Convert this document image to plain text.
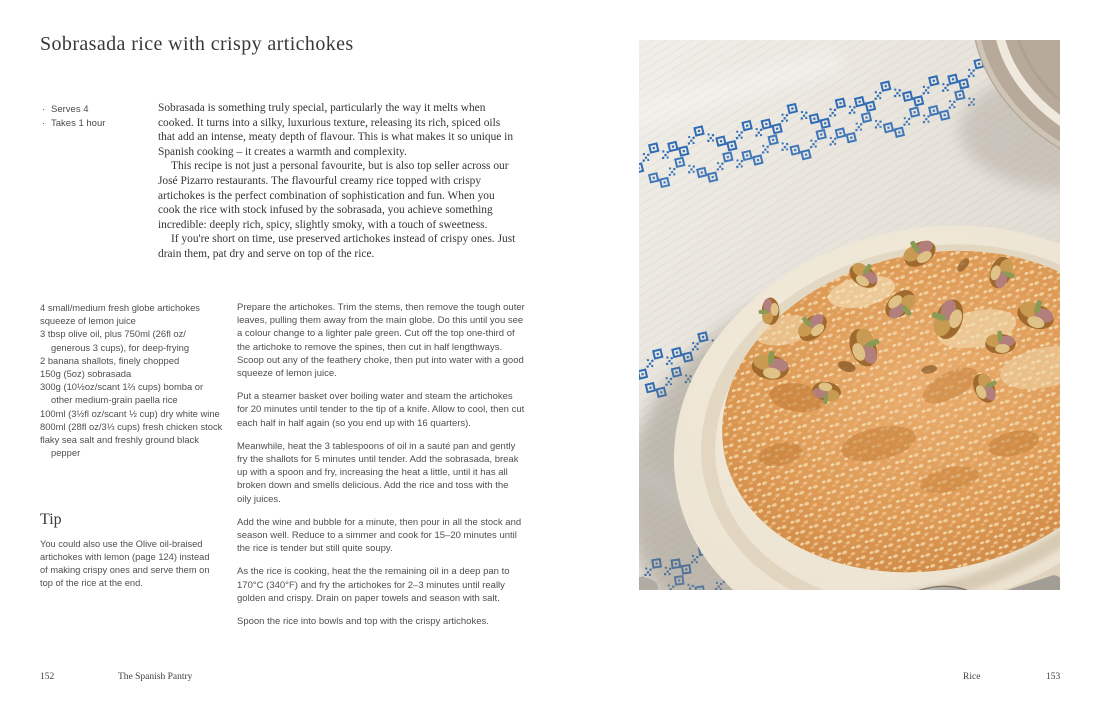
Sobrasada rice with crispy artichokes
· Serves 4
· Takes 1 hour

Sobrasada is something truly special, particularly the way it melts when cooked. It turns into a silky, luxurious texture, releasing its rich, spiced oils that add an intense, meaty depth of flavour. This is what makes it so unique in Spanish cooking – it creates a warmth and complexity.

This recipe is not just a personal favourite, but is also top seller across our José Pizarro restaurants. The flavourful creamy rice topped with crispy artichokes is the perfect combination of sophistication and fun. When you cook the rice with stock infused by the sobrasada, you achieve something incredible: deeply rich, spicy, slightly smoky, with a touch of sweetness.

If you're short on time, use preserved artichokes instead of crispy ones. Just drain them, pat dry and serve on top of the rice.

4 small/medium fresh globe artichokes
squeeze of lemon juice
3 tbsp olive oil, plus 750ml (26fl oz/ generous 3 cups), for deep-frying
2 banana shallots, finely chopped
150g (5oz) sobrasada
300g (10½oz/scant 1⅔ cups) bomba or other medium-grain paella rice
100ml (3½fl oz/scant ½ cup) dry white wine
800ml (28fl oz/3⅓ cups) fresh chicken stock
flaky sea salt and freshly ground black pepper
Tip
You could also use the Olive oil-braised artichokes with lemon (page 124) instead of making crispy ones and serve them on top of the rice at the end.

Prepare the artichokes. Trim the stems, then remove the tough outer leaves, pulling them away from the main globe. Do this until you see a colour change to a lighter pale green. Cut off the top one-third of the artichoke to remove the spines, then cut in half lengthways. Scoop out any of the feathery choke, then put into water with a good squeeze of lemon juice.

Put a steamer basket over boiling water and steam the artichokes for 20 minutes until tender to the tip of a knife. Allow to cool, then cut each half in half again (so you end up with 16 quarters).

Meanwhile, heat the 3 tablespoons of oil in a sauté pan and gently fry the shallots for 5 minutes until tender. Add the sobrasada, break up with a spoon and fry, increasing the heat a little, until it has all broken down and smells delicious. Add the rice and toss with the oily juices.

Add the wine and bubble for a minute, then pour in all the stock and season well. Reduce to a simmer and cook for 15–20 minutes until the rice is tender but still quite soupy.

As the rice is cooking, heat the the remaining oil in a deep pan to 170°C (340°F) and fry the artichokes for 2–3 minutes until really golden and crispy. Drain on paper towels and season with salt.

Spoon the rice into bowls and top with the crispy artichokes.

152	The Spanish Pantry	Rice	153
